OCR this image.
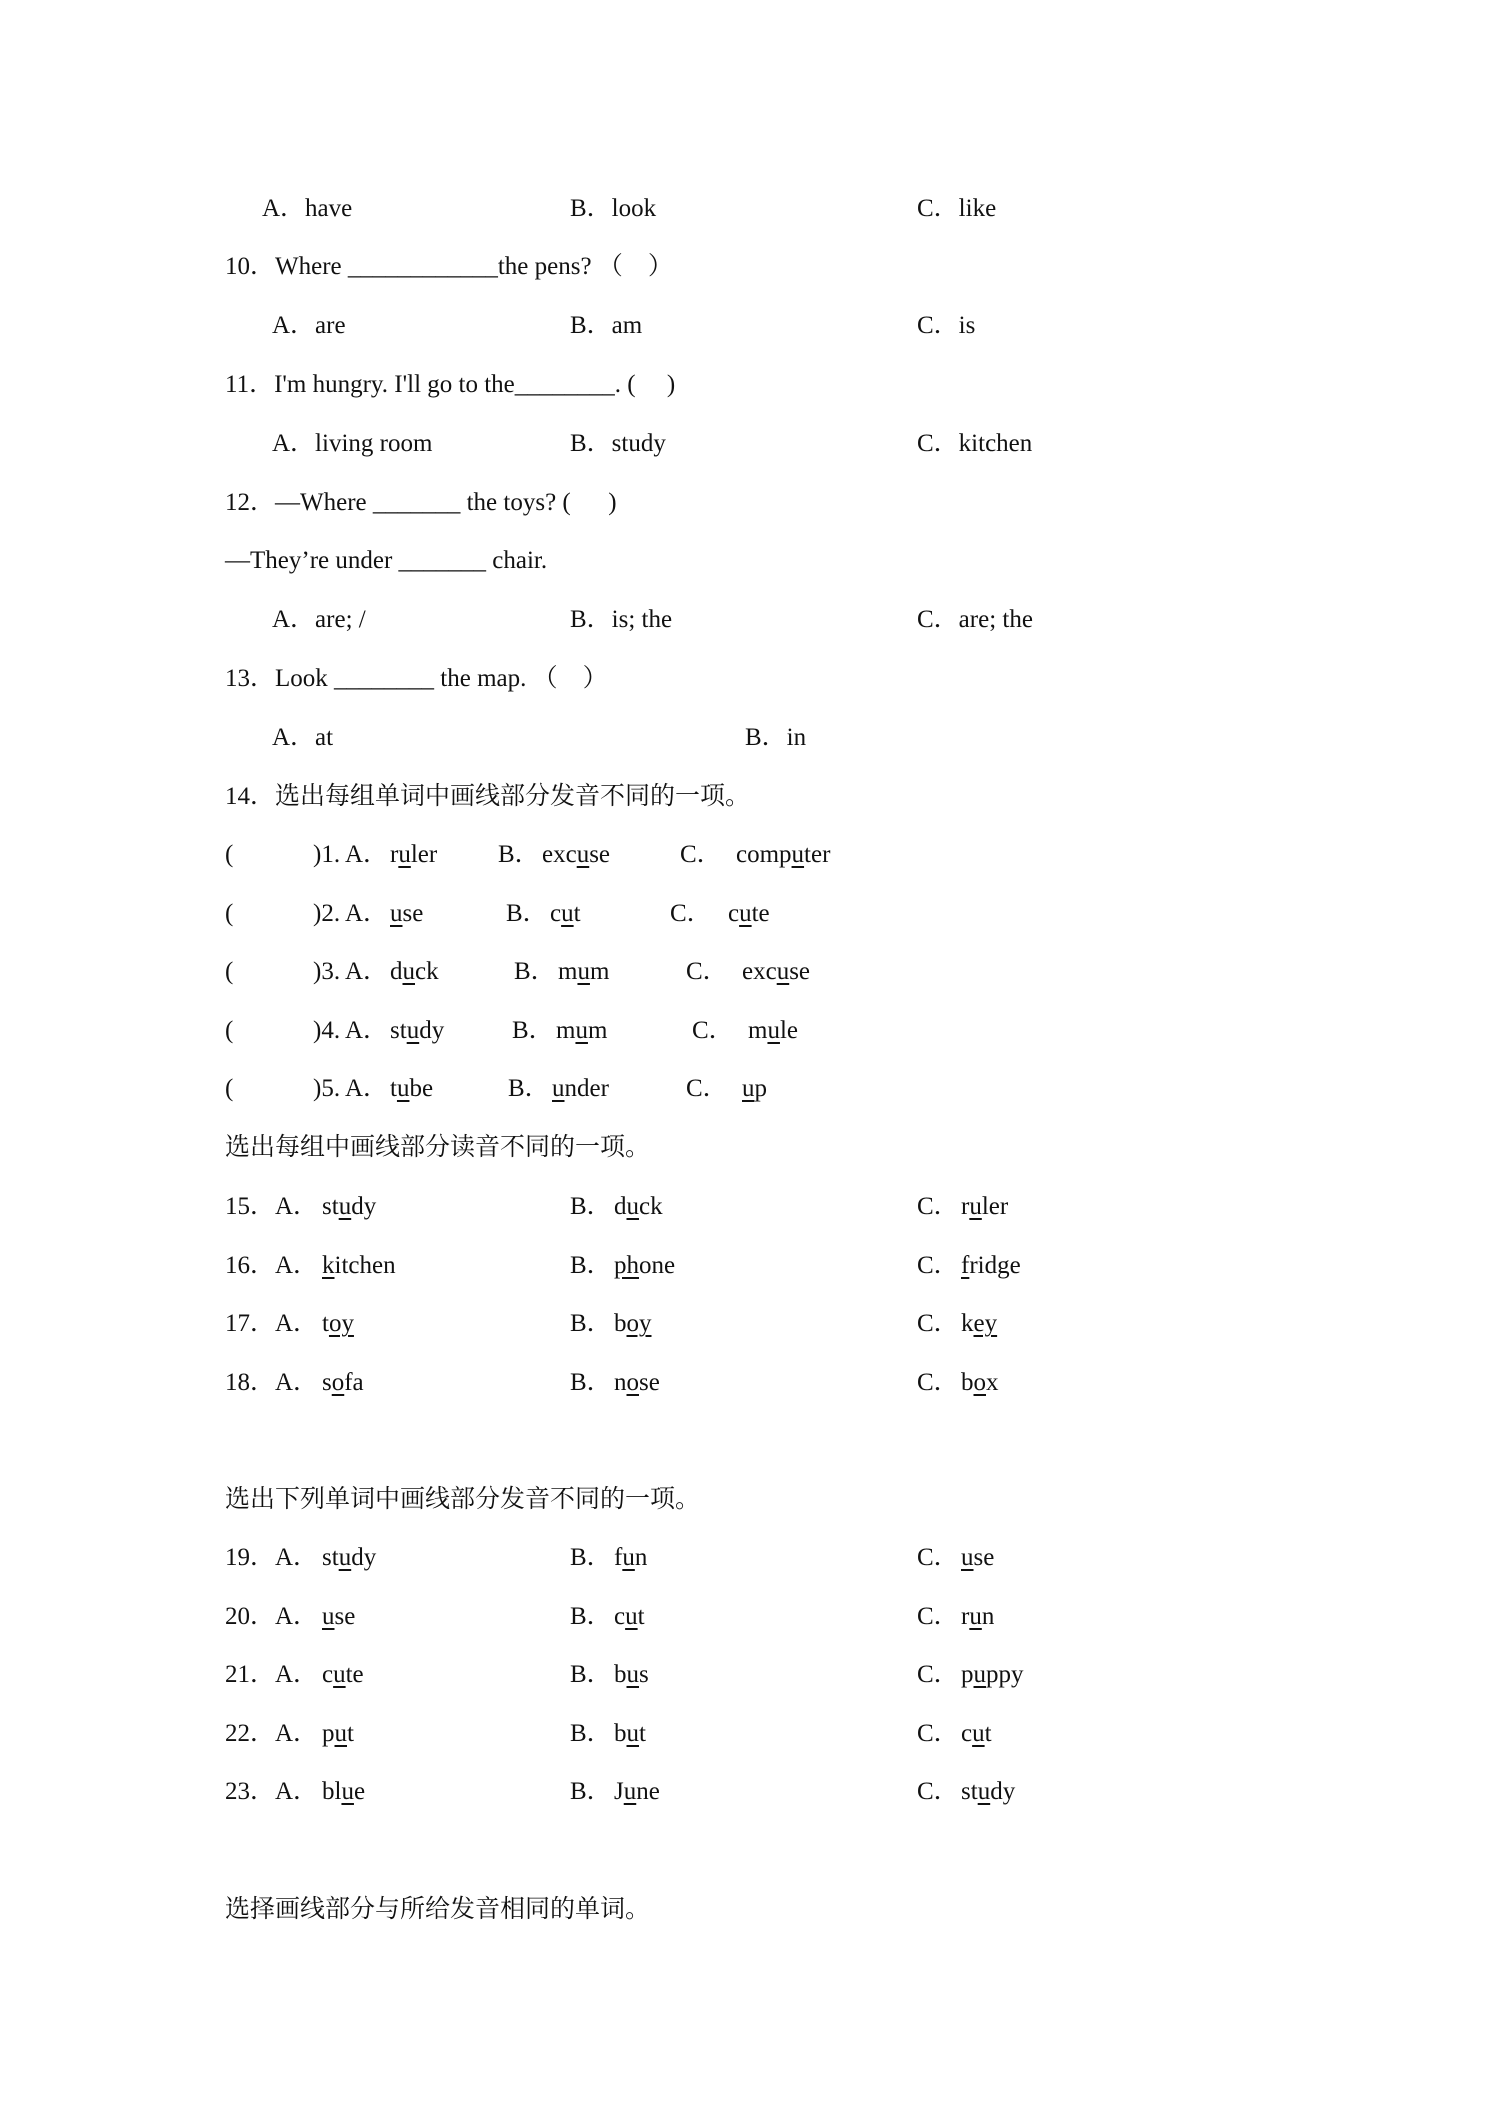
A．have	B．look	C．like
10．Where ____________the pens? （    ）
A．are	B．am	C．is
11．I'm hungry. I'll go to the________. (     )
A．living room	B．study	C．kitchen
12．—Where _______ the toys? (      )
—They’re under _______ chair.
A．are; /	B．is; the	C．are; the
13．Look ________ the map. （    ）
A．at	B．in
14．选出每组单词中画线部分发音不同的一项。
(	)1. A． ruler B． excuse	C． computer
(	)2. A． use	B． cut	C． cute
(	)3. A． duck	B． mum	C． excuse
(	)4. A． study	B． mum	C． mule
(	)5. A． tube	B． under	C． up
选出每组中画线部分读音不同的一项。
15．A． study	B． duck	C． ruler
16．A． kitchen	B． phone	C． fridge
17．A． toy	B． boy	C． key
18．A． sofa	B． nose	C． box
选出下列单词中画线部分发音不同的一项。
19．A． study	B． fun	C． use
20．A． use	B． cut	C． run
21．A． cute	B． bus	C． puppy
22．A． put	B． but	C． cut
23．A． blue	B． June	C． study
选择画线部分与所给发音相同的单词。
